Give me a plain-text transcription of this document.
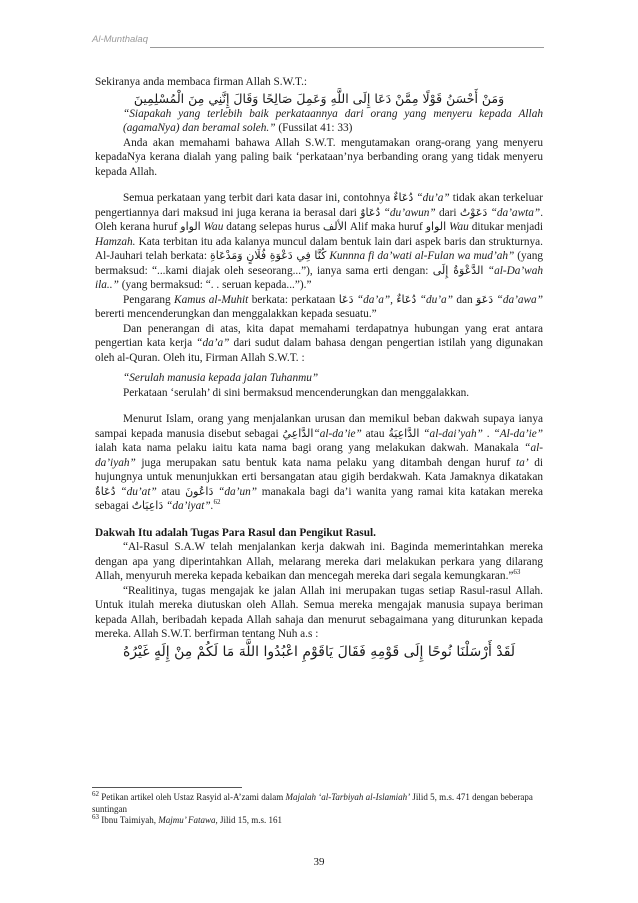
Al-Munthalaq

Sekiranya anda membaca firman Allah S.W.T.:

وَمَنْ أَحْسَنُ قَوْلًا مِمَّنْ دَعَا إِلَى اللَّهِ وَعَمِلَ صَالِحًا وَقَالَ إِنَّنِي مِنَ الْمُسْلِمِينَ

“Siapakah yang terlebih baik perkataannya dari orang yang menyeru kepada Allah (agamaNya) dan beramal soleh.” (Fussilat 41: 33)

Anda akan memahami bahawa Allah S.W.T. mengutamakan orang-orang yang menyeru kepadaNya kerana dialah yang paling baik ‘perkataan’nya berbanding orang yang tidak menyeru kepada Allah.

Semua perkataan yang terbit dari kata dasar ini, contohnya دُعَاءٌ “du’a” tidak akan terkeluar pengertiannya dari maksud ini juga kerana ia berasal dari دُعَاوٌ “du’awun” dari دَعَوْتُ “da’awta”. Oleh kerana huruf الواو Wau datang selepas hurus الألف Alif maka huruf الواو Wau ditukar menjadi Hamzah. Kata terbitan itu ada kalanya muncul dalam bentuk lain dari aspek baris dan strukturnya. Al-Jauhari telah berkata: كُنَّا فِي دَعْوَةِ فُلَانٍ وَمَدْعَاةِ Kunnna fi da’wati al-Fulan wa mud’ah” (yang bermaksud: “...kami diajak oleh seseorang...”), ianya sama erti dengan: الدَّعْوَةُ إِلَى “al-Da’wah ila..” (yang bermaksud: “. . seruan kepada...”).”

Pengarang Kamus al-Muhit berkata: perkataan دَعَا “da’a”, دُعَاءٌ “du’a” dan دَعَوَ “da’awa” bererti mencenderungkan dan menggalakkan kepada sesuatu.”

Dan penerangan di atas, kita dapat memahami terdapatnya hubungan yang erat antara pengertian kata kerja “da’a” dari sudut dalam bahasa dengan pengertian istilah yang digunakan oleh al-Quran. Oleh itu, Firman Allah S.W.T. :

“Serulah manusia kepada jalan Tuhanmu”

Perkataan ‘serulah’ di sini bermaksud mencenderungkan dan menggalakkan.

Menurut Islam, orang yang menjalankan urusan dan memikul beban dakwah supaya ianya sampai kepada manusia disebut sebagai الدَّاعِيُ“al-da’ie” atau الدَّاعِيَةُ “al-dai’yah” . “Al-da’ie” ialah kata nama pelaku iaitu kata nama bagi orang yang melakukan dakwah. Manakala “al-da’iyah” juga merupakan satu bentuk kata nama pelaku yang ditambah dengan huruf ta’ di hujungnya untuk menunjukkan erti bersangatan atau gigih berdakwah. Kata Jamaknya dikatakan دُعَاةٌ “du’at” atau دَاعُونَ “da’un” manakala bagi da’i wanita yang ramai kita katakan mereka sebagai دَاعِيَاتٌ “da’iyat”.$^{62}$

Dakwah Itu adalah Tugas Para Rasul dan Pengikut Rasul.

“Al-Rasul S.A.W telah menjalankan kerja dakwah ini. Baginda memerintahkan mereka dengan apa yang diperintahkan Allah, melarang mereka dari melakukan perkara yang dilarang Allah, menyuruh mereka kepada kebaikan dan mencegah mereka dari segala kemungkaran.”$^{63}$

“Realitinya, tugas mengajak ke jalan Allah ini merupakan tugas setiap Rasul-rasul Allah. Untuk itulah mereka diutuskan oleh Allah. Semua mereka mengajak manusia supaya beriman kepada Allah, beribadah kepada Allah sahaja dan menurut sebagaimana yang diturunkan kepada mereka. Allah S.W.T. berfirman tentang Nuh a.s :

لَقَدْ أَرْسَلْنَا نُوحًا إِلَى قَوْمِهِ فَقَالَ يَاقَوْمِ اعْبُدُوا اللَّهَ مَا لَكُمْ مِنْ إِلَهٍ غَيْرُهُ

$^{62}$ Petikan artikel oleh Ustaz Rasyid al-A’zami dalam Majalah ‘al-Tarbiyah al-Islamiah’ Jilid 5, m.s. 471 dengan beberapa suntingan
$^{63}$ Ibnu Taimiyah, Majmu’ Fatawa, Jilid 15, m.s. 161
39
